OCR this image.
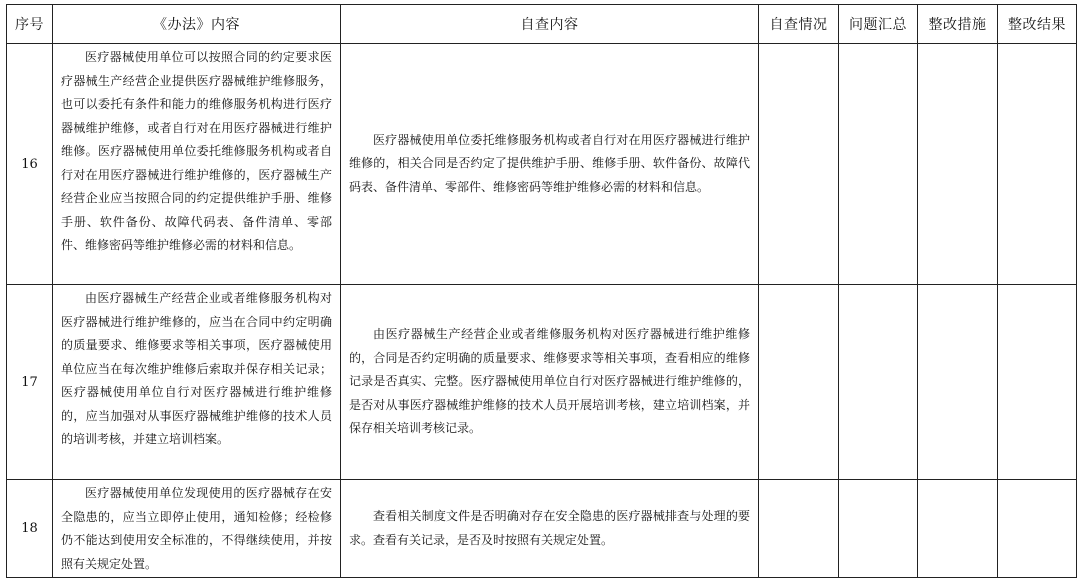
序号	《办法》内容	自查内容	自查情况	问题汇总	整改措施	整改结果
16	医疗器械使用单位可以按照合同的约定要求医疗器械生产经营企业提供医疗器械维护维修服务，也可以委托有条件和能力的维修服务机构进行医疗器械维护维修，或者自行对在用医疗器械进行维护维修。医疗器械使用单位委托维修服务机构或者自行对在用医疗器械进行维护维修的，医疗器械生产经营企业应当按照合同的约定提供维护手册、维修手册、软件备份、故障代码表、备件清单、零部件、维修密码等维护维修必需的材料和信息。	医疗器械使用单位委托维修服务机构或者自行对在用医疗器械进行维护维修的，相关合同是否约定了提供维护手册、维修手册、软件备份、故障代码表、备件清单、零部件、维修密码等维护维修必需的材料和信息。				

17	由医疗器械生产经营企业或者维修服务机构对医疗器械进行维护维修的，应当在合同中约定明确的质量要求、维修要求等相关事项，医疗器械使用单位应当在每次维护维修后索取并保存相关记录；医疗器械使用单位自行对医疗器械进行维护维修的，应当加强对从事医疗器械维护维修的技术人员的培训考核，并建立培训档案。	由医疗器械生产经营企业或者维修服务机构对医疗器械进行维护维修的，合同是否约定明确的质量要求、维修要求等相关事项，查看相应的维修记录是否真实、完整。医疗器械使用单位自行对医疗器械进行维护维修的，是否对从事医疗器械维护维修的技术人员开展培训考核，建立培训档案，并保存相关培训考核记录。				

18	医疗器械使用单位发现使用的医疗器械存在安全隐患的，应当立即停止使用，通知检修；经检修仍不能达到使用安全标准的，不得继续使用，并按照有关规定处置。	查看相关制度文件是否明确对存在安全隐患的医疗器械排查与处理的要求。查看有关记录，是否及时按照有关规定处置。				
